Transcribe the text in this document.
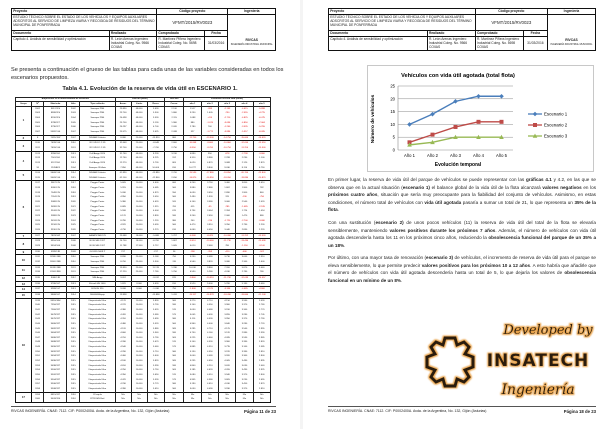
Proyecto		Código proyecto		Ingeniería
ESTUDIO TÉCNICO SOBRE EL ESTADO DE LOS VEHÍCULOS Y EQUIPOS AUXILIARES ADSCRITOS AL SERVICIO DE LIMPIEZA VIARIA Y RECOGIDA DE RESIDUOS DEL TÉRMINO MUNICIPAL DE PONFERRADA		VFMT/2015/RV0023		RIVCAS
INGENIERÍA INDUSTRIAL MUNICIPAL

Documento	Realizado	Comprobado	Fecha	
Capítulo 4. Análisis de sensibilidad y optimización	R. León Arenas Ingeniero Industrial Coleg. No. 9566 COIIAS	R. Martínez Piñera Ingeniero Industrial Coleg. No. 5698 COIIAS	31/03/2016	
Se presenta a continuación el grueso de las tablas para cada unas de las variables consideradas en todos los escenarios propuestos.
Tabla 4.1. Evolución de la reserva de vida útil en ESCENARIO 1.
Adquisición en el dimensionado de vehículos					Vida útil (km/h)			Uso año	Evolución reserva vida (horas)				
Grupo	Nº	Matrícula	Año	Tipo vehículo	Acum.	Límite	Reser.	Consu.	año 1	año 2	año 3	año 4	año 5
1	2002	9012CFS	2002	Sweeper PM4	25.890	48.000	3.630	2.510	1.517	-993	-2.153	-4.615	-5.898
	2003	8388CFS	2003	Sweeper PM4	23.700	48.000	5.300	1.860	3.230	1.605	-730	-2.555	-4.725
	2004	8190CFS	2004	Sweeper PM4	24.698	48.000	3.530	2.115	1.688	-415	-2.710	-4.825	-6.475
	2005	9788CFT	2005	Sweeper PM4	25.700	48.000	3.130	1.960	880	-1.076	-3.636	-4.850	-7.064
	2006	9796CFT	2006	Sweeper PM4	26.297	48.000	4.700	2.020	2.780	760	-1.200	-3.535	-5.255
	2007	9582CGS	2007	Sweeper PM4	25.575	48.000	3.625	2.098	327	-1.771	-3.896	-5.357	-8.095
2	8	7625CFW	2007	NISSAN Cabstar	8.090	25.000	-15.910	860	-11.750	-13.500	-14.750	-15.600	-16.620
3	2010	7628CGS	2010	IFV IVECO 2.3D	32.648	25.000	-8.648	2.800	-10.848	-9.660	-10.860	-12.050	-13.550
	2011	7630CGS	2011	IFV IVECO 2.3D	32.700	25.000	-7.700	2.750	-8.550	-9.700	-10.750	-11.700	-15.500
4	2013	9958CHJ	2013	Drill Ampp 2020	31.760	48.000	8.230	3.310	4.890	950	-878	-2.798	-3.860
	2013	7561CHJ	2013	Drill Ampp 2020	12.760	48.000	8.225	912	6.310	3.980	2.298	2.290	1.100
	2013	5517CHJ	2013	Drill Ampp 2020	12.270	48.000	5.730	805	4.020	4.870	3.088	2.120	2.870
	18	1245BKX	2004	Sweeper 3D Auto	7.850	48.000	10.000	810	10.277	9.800	9.030	8.110	8.750
5	2014	9648CGS	2014	NISSAN Cabstar	61.890	48.000	-13.890	2.700	-15.530	-17.880	-18.850	-20.700	-23.800
	2015	9449CGS	2015	NISSAN Cabstar	62.100	48.000	-12.800	2.650	-14.870	-16.950	-18.050	-19.890	-20.870
6	2017	9807CJS	2017	Piaggio Porter	5.605	10.000	4.600	660	4.200	3.750	3.460	3.850	3.610
	2018	8090CJS	2018	Piaggio Porter	5.915	10.000	4.085	560	3.880	2.880	1.802	1.900	782
	2018	7648CJS	2018	Piaggio Porter	5.030	10.000	4.970	550	4.030	3.650	2.890	1.900	840
	2019	7264CJS	2019	Piaggio Porter	4.950	10.000	3.050	560	2.490	1.930	370	-190	-750
	2020	9088CJS	2020	Piaggio Porter	5.380	10.000	4.620	520	4.100	3.580	3.060	2.540	2.020
	2021	9498CJS	2021	Piaggio Porter	6.685	10.000	1.315	700	615	-85	-785	-1.485	-2.185
	2022	9108CJS	2022	Piaggio Porter	5.596	10.000	4.404	670	3.734	3.064	2.394	1.724	1.054
	2023	9388CJS	2023	Piaggio Porter	6.170	10.000	3.830	590	3.240	2.650	2.060	1.470	880
	2024	9418CJS	2024	Piaggio Porter	8.780	10.000	1.220	980	240	-740	-1.720	-2.700	-3.680
	2025	9158CJS	2025	Piaggio Porter	4.970	10.000	5.030	560	4.470	3.910	3.350	2.790	2.230
	2026	9190CJS	2026	Piaggio Porter	4.730	10.000	5.270	610	4.660	4.050	3.440	2.830	2.220
7	2027	7829CHP	2007	SANATIOMB 125	23.688	18.000	-5.688	1.767	-6.580	-8.425	-10.090	-11.762	-13.530
8	2028	9350CHS	2008	BOSCHIS 120T	24.700	18.000	-6.700	1.867	-8.410	-10.060	-11.730	-13.430	-15.098
	2029	9534CHS	2008	BOSCHIS 120T	11.788	17.500	5.712	1.665	4.010	2.460	780	-1.150	-3.100
9	2030	5928CJR	2009	GOLFIS 5009 P	217		-217	56	-280	-353	-410	-466	-522
10	2031	9298CJRE	2010	Sweeper PM4	8.830	25.000	5.168	750	5.230	4.480	3.730	3.060	2.310
	2032	9260CJRE	2010	Sweeper PM4	8.700	25.000	5.300	740	4.560	3.820	3.080	2.340	1.600
11	2033	8018CJRE	2011	Sweeper PM4	13.830	25.000	11.170	1.330	10.010	9.860	7.200	5.870	5.440
	2034	8110CJRE	2011	Sweeper PM4	17.220	25.000	7.780	1.250	6.530	5.280	4.030	2.780	780
12	2035	9080CJR	2012	MM Ampp	9.012		-9.012	870	-9.860	-10.510	-11.790	-12.035	-14.057
13	2036	9786CHT	2013	Elsisoft HS 1000	1.870	8.000	6.630	810	5.520	5.400	5.290	5.180	5.060
14	2037	9288CGT	2013	BOSCH 320	9.036	8.000	-1.036	750	-1.806	-2.575	-3.336	-4.085	-4.800
15	2038	9868CHT	2014	DEHIGSIEquip	13.898		-13.898	1.431	-15.317	-16.978	-18.430	-19.860	-21.108
16	2039	9820CMH	2015	Fitopesticide Ultra	4.170	10.000	5.830	560	5.270	4.710	4.150	3.590	3.030
	2040	7350CRT	2015	Fitopesticide Ultra	4.270	10.000	5.730	590	5.140	4.550	3.960	3.370	2.780
	2041	7360CRT	2015	Fitopesticide Ultra	4.380	10.000	5.620	570	5.050	4.480	3.910	3.340	2.770
	2042	9478CRT	2015	Fitopesticide Ultra	4.420	10.000	5.580	575	5.005	4.430	3.855	3.280	2.705
	2043	9476CRT	2015	Fitopesticide Ultra	4.310	10.000	5.690	580	5.110	4.530	3.950	3.370	2.790
	2044	9480CRT	2015	Fitopesticide Ultra	4.480	10.000	5.520	560	4.960	4.400	3.840	3.280	2.720
	2045	9482CRT	2015	Fitopesticide Ultra	4.120	10.000	5.880	585	5.295	4.710	4.125	3.540	2.955
	2046	9484CRT	2015	Fitopesticide Ultra	4.660	10.000	5.340	590	4.750	4.160	3.570	2.980	2.390
	2047	9486CRT	2015	Fitopesticide Ultra	4.210	10.000	5.790	565	5.225	4.660	4.095	3.530	2.965
	2048	9488CRT	2015	Fitopesticide Ultra	4.330	10.000	5.670	570	5.100	4.530	3.960	3.390	2.820
	2049	9490CRT	2015	Fitopesticide Ultra	4.540	10.000	5.460	575	4.885	4.310	3.735	3.160	2.585
	2050	9492CRT	2015	Fitopesticide Ultra	4.290	10.000	5.710	580	5.130	4.550	3.970	3.390	2.810
	2051	9494CRT	2015	Fitopesticide Ultra	4.400	10.000	5.600	560	5.040	4.480	3.920	3.360	2.800
	2052	9496CRT	2015	Fitopesticide Ultra	4.180	10.000	5.820	585	5.235	4.650	4.065	3.480	2.895
	2053	9498CRT	2015	Fitopesticide Ultra	4.610	10.000	5.390	590	4.800	4.210	3.620	3.030	2.440
	2054	9500CRT	2015	Fitopesticide Ultra	4.250	10.000	5.750	565	5.185	4.620	4.055	3.490	2.925
	2055	9502CRT	2015	Fitopesticide Ultra	4.350	10.000	5.650	570	5.080	4.510	3.940	3.370	2.800
	2056	9504CRT	2015	Fitopesticide Ultra	4.470	10.000	5.530	575	4.955	4.380	3.805	3.230	2.655
	2057	9506CRT	2015	Fitopesticide Ultra	4.230	10.000	5.770	580	5.190	4.610	4.030	3.450	2.870
	2058	9508CRT	2015	Fitopesticide Ultra	4.390	10.000	5.610	560	5.050	4.490	3.930	3.370	2.810
17	2059	8815CRT	2016	Cl Impuls	N/a	N/a	N/a	N/a	N/a	N/a	N/a	N/a	N/a
	2060	9409CRS	2016	CITROËN Berl.	N/a	N/a	N/a	N/a	N/a	N/a	N/a	N/a	N/a
RIVCAS INGENIERÍA. CNAE: 7112. CIF: P0002400A. Avda. de la Argentina, No. 132, Gijón (Asturias)	Página 11 de 23
Proyecto		Código proyecto		Ingeniería
ESTUDIO TÉCNICO SOBRE EL ESTADO DE LOS VEHÍCULOS Y EQUIPOS AUXILIARES ADSCRITOS AL SERVICIO DE LIMPIEZA VIARIA Y RECOGIDA DE RESIDUOS DEL TÉRMINO MUNICIPAL DE PONFERRADA		VFMT/2015/RV0023		RIVCAS
INGENIERÍA INDUSTRIAL MUNICIPAL

Documento	Realizado	Comprobado	Fecha	
Capítulo 4. Análisis de sensibilidad y optimización	R. León Arenas Ingeniero Industrial Coleg. No. 9566 COIIAS	R. Martínez Piñera Ingeniero Industrial Coleg. No. 5698 COIIAS	31/03/2016	
Vehículos con vida útil agotada (total flota)
Evolución temporal
Número de vehículos
0
5
10
15
20
25
Año 1	Año 2	Año 3	Año 4	Año 5
Escenario 1
Escenario 2
Escenario 3
En primer lugar, la reserva de vida útil del parque de vehículos se puede representar con las gráficas 4.1 y 4.2, en las que se observa que en la actual situación (escenario 1) el balance global de la vida útil de la flota alcanzará valores negativos en los próximos cuatro años, situación que sería muy preocupante para la fiabilidad del conjunto de vehículos. Asimismo, en estas condiciones, el número total de vehículos con vida útil agotada pasaría a sumar un total de 21, lo que representa un 35% de la flota.
Con una sustitución (escenario 2) de unos pocos vehículos (11) la reserva de vida útil del total de la flota se elevaría sensiblemente, manteniendo valores positivos durante los próximos 7 años. Además, el número de vehículos con vida útil agotada descendería hasta los 11 en los próximos cinco años, reduciendo la obsolescencia funcional del parque de un 35% a un 18%.
Por último, con una mayor tasa de renovación (escenario 3) de vehículos, el incremento de reserva de vida útil para el parque se eleva sensiblemente, lo que permite predecir valores positivos para los próximos 10 a 12 años. A esto habría que añadirle que el número de vehículos con vida útil agotada descendería hasta un total de 5, lo que dejaría los valores de obsolescencia funcional en un mínimo de un 8%.
RIVCAS INGENIERÍA. CNAE: 7112. CIF: P0002400A. Avda. de la Argentina, No. 132, Gijón (Asturias)	Página 18 de 23
Developed by
INSATECH
Ingeniería
